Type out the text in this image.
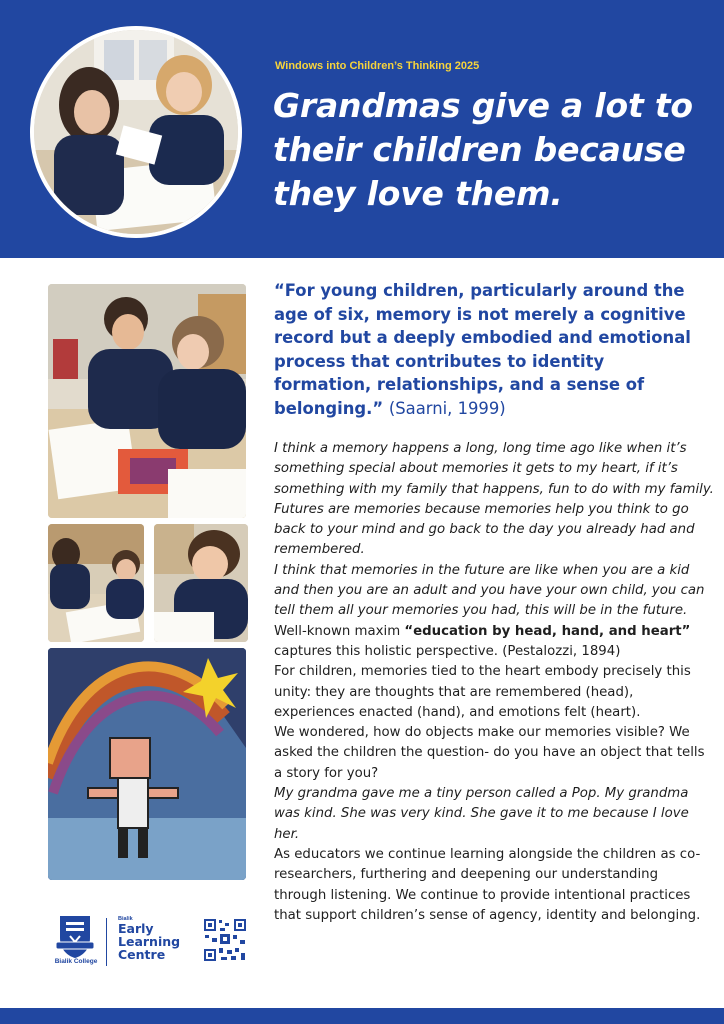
Windows into Children’s Thinking 2025
Grandmas give a lot to their children because they love them.
“For young children, particularly around the age of six, memory is not merely a cognitive record but a deeply embodied and emotional process that contributes to identity formation, relationships, and a sense of belonging.” (Saarni, 1999)

I think a memory happens a long, long time ago like when it’s something special about memories it gets to my heart, if it’s something with my family that happens, fun to do with my family.

Futures are memories because memories help you think to go back to your mind and go back to the day you already had and remembered.

I think that memories in the future are like when you are a kid and then you are an adult and you have your own child, you can tell them all your memories you had, this will be in the future.

Well-known maxim “education by head, hand, and heart” captures this holistic perspective. (Pestalozzi, 1894)

For children, memories tied to the heart embody precisely this unity: they are thoughts that are remembered (head), experiences enacted (hand), and emotions felt (heart).

We wondered, how do objects make our memories visible? We asked the children the question- do you have an object that tells a story for you?

My grandma gave me a tiny person called a Pop. My grandma was kind. She was very kind. She gave it to me because I love her.

As educators we continue learning alongside the children as co-researchers, furthering and deepening our understanding through listening. We continue to provide intentional practices that support children’s sense of agency, identity and belonging.

Bialik College
Bialik
Early
Learning
Centre
